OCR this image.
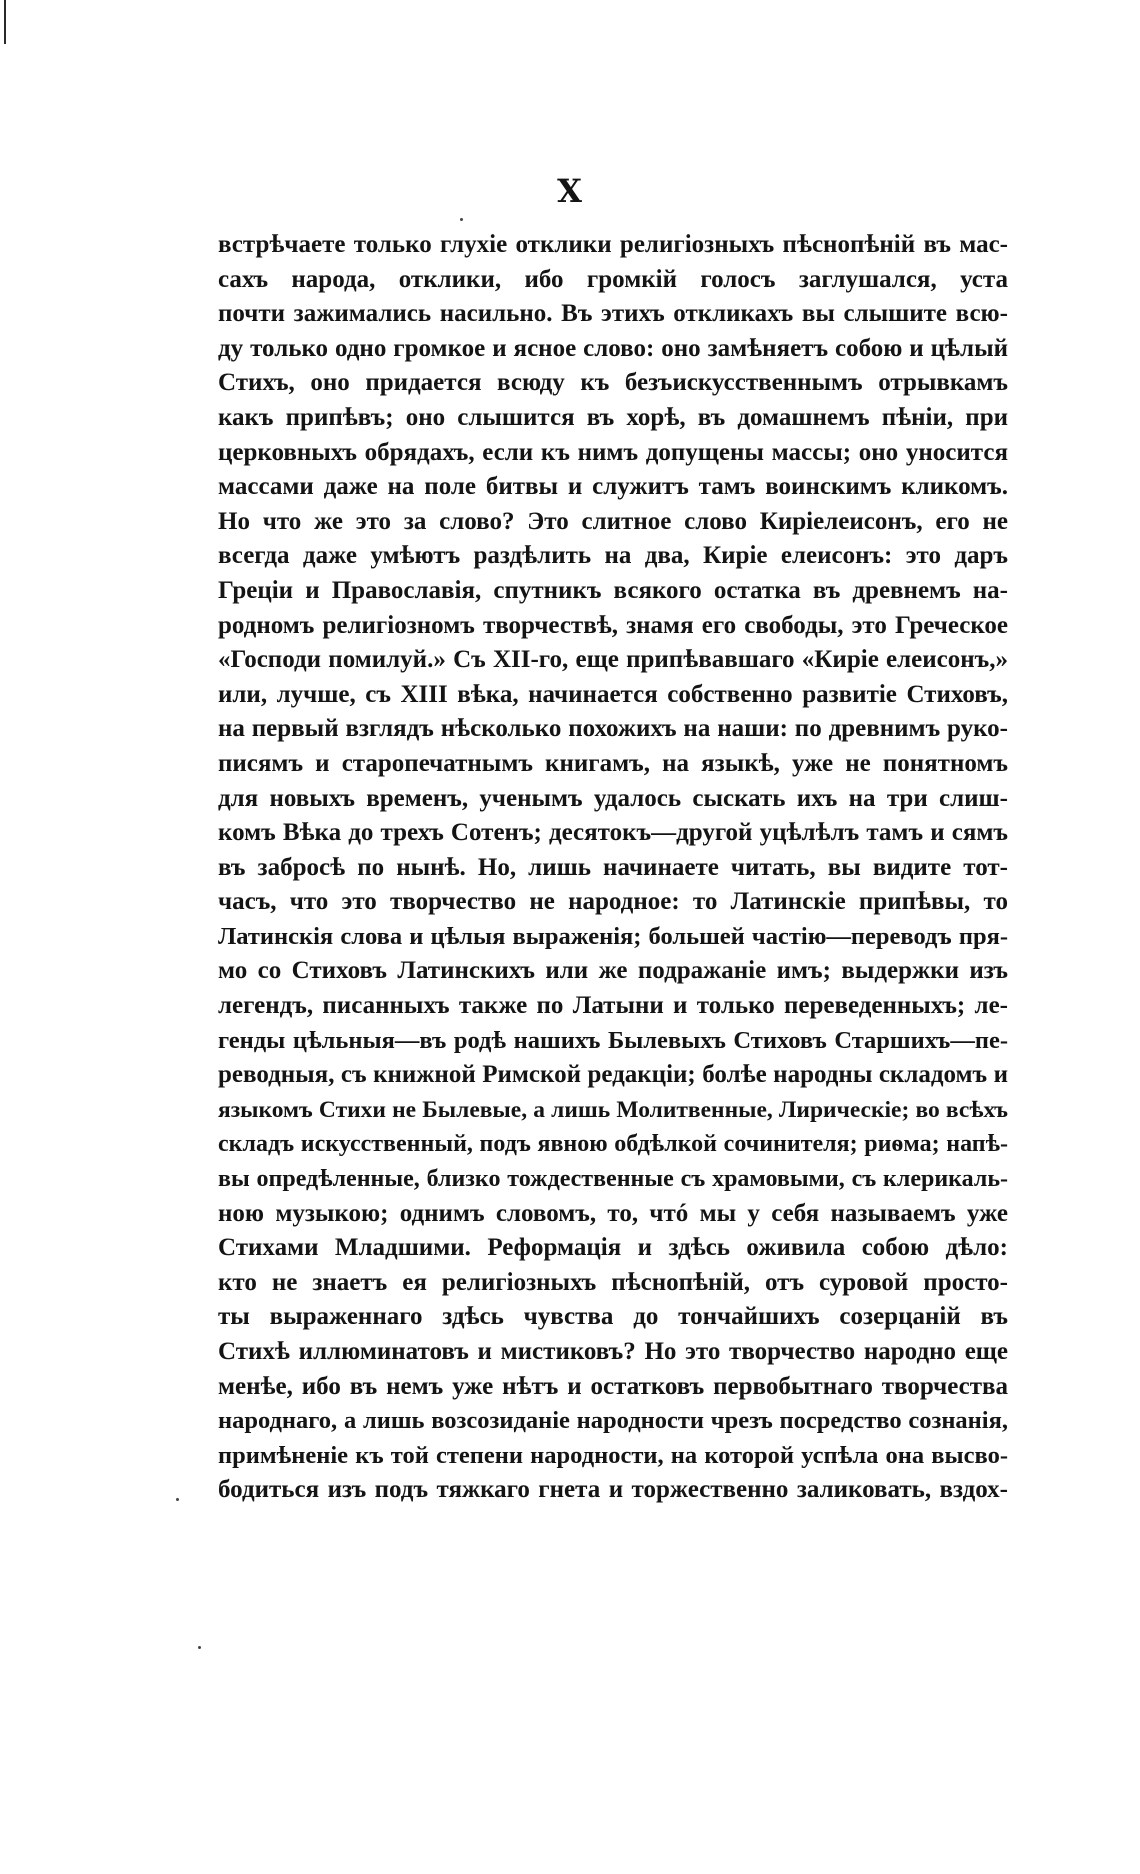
X
встрѣчаете только глухіе отклики религіозныхъ пѣснопѣній въ мас-
сахъ народа, отклики, ибо громкій голосъ заглушался, уста
почти зажимались насильно. Въ этихъ откликахъ вы слышите всю-
ду только одно громкое и ясное слово: оно замѣняетъ собою и цѣлый
Стихъ, оно придается всюду къ безъискусственнымъ отрывкамъ
какъ припѣвъ; оно слышится въ хорѣ, въ домашнемъ пѣніи, при
церковныхъ обрядахъ, если къ нимъ допущены массы; оно уносится
массами даже на поле битвы и служитъ тамъ воинскимъ кликомъ.
Но что же это за слово? Это слитное слово Кирiелеисонъ, его не
всегда даже умѣютъ раздѣлить на два, Киріе елеисонъ: это даръ
Греціи и Православія, спутникъ всякого остатка въ древнемъ на-
родномъ религіозномъ творчествѣ, знамя его свободы, это Греческое
«Господи помилуй.» Съ XII-го, еще припѣвавшаго «Киріе елеисонъ,»
или, лучше, съ XIII вѣка, начинается собственно развитіе Стиховъ,
на первый взглядъ нѣсколько похожихъ на наши: по древнимъ руко-
писямъ и старопечатнымъ книгамъ, на языкѣ, уже не понятномъ
для новыхъ временъ, ученымъ удалось сыскать ихъ на три слиш-
комъ Вѣка до трехъ Сотенъ; десятокъ—другой уцѣлѣлъ тамъ и сямъ
въ забросѣ по нынѣ. Но, лишь начинаете читать, вы видите тот-
часъ, что это творчество не народное: то Латинскіе припѣвы, то
Латинскія слова и цѣлыя выраженія; большей частію—переводъ пря-
мо со Стиховъ Латинскихъ или же подражаніе имъ; выдержки изъ
легендъ, писанныхъ также по Латыни и только переведенныхъ; ле-
генды цѣльныя—въ родѣ нашихъ Былевыхъ Стиховъ Старшихъ—пе-
реводныя, съ книжной Римской редакціи; болѣе народны складомъ и
языкомъ Стихи не Былевые, а лишь Молитвенные, Лирическіе; во всѣхъ
складъ искусственный, подъ явною обдѣлкой сочинителя; риѳма; напѣ-
вы опредѣленные, близко тождественные съ храмовыми, съ клерикаль-
ною музыкою; однимъ словомъ, то, чтó мы у себя называемъ уже
Стихами Младшими. Реформація и здѣсь оживила собою дѣло:
кто не знаетъ ея религіозныхъ пѣснопѣній, отъ суровой просто-
ты выраженнаго здѣсь чувства до тончайшихъ созерцаній въ
Стихѣ иллюминатовъ и мистиковъ? Но это творчество народно еще
менѣе, ибо въ немъ уже нѣтъ и остатковъ первобытнаго творчества
народнаго, а лишь возсозиданіе народности чрезъ посредство сознанія,
примѣненіе къ той степени народности, на которой успѣла она высво-
бодиться изъ подъ тяжкаго гнета и торжественно заликовать, вздох-
